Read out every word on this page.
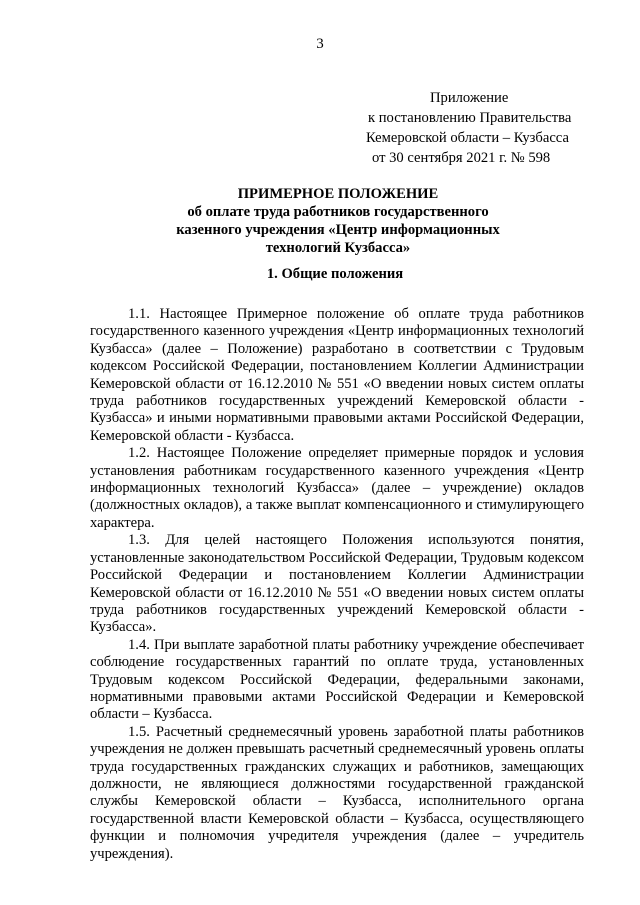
3
Приложение
к постановлению Правительства
Кемеровской области – Кузбасса
от 30 сентября 2021 г. № 598
ПРИМЕРНОЕ ПОЛОЖЕНИЕ
об оплате труда работников государственного
казенного учреждения «Центр информационных
технологий Кузбасса»
1. Общие положения

1.1. Настоящее Примерное положение об оплате труда работников государственного казенного учреждения «Центр информационных технологий Кузбасса» (далее – Положение) разработано в соответствии с Трудовым кодексом Российской Федерации, постановлением Коллегии Администрации Кемеровской области от 16.12.2010 № 551 «О введении новых систем оплаты труда работников государственных учреждений Кемеровской области - Кузбасса» и иными нормативными правовыми актами Российской Федерации, Кемеровской области - Кузбасса.

1.2. Настоящее Положение определяет примерные порядок и условия установления работникам государственного казенного учреждения «Центр информационных технологий Кузбасса» (далее – учреждение) окладов (должностных окладов), а также выплат компенсационного и стимулирующего характера.

1.3. Для целей настоящего Положения используются понятия, установленные законодательством Российской Федерации, Трудовым кодексом Российской Федерации и постановлением Коллегии Администрации Кемеровской области от 16.12.2010 № 551 «О введении новых систем оплаты труда работников государственных учреждений Кемеровской области - Кузбасса».

1.4. При выплате заработной платы работнику учреждение обеспечивает соблюдение государственных гарантий по оплате труда, установленных Трудовым кодексом Российской Федерации, федеральными законами, нормативными правовыми актами Российской Федерации и Кемеровской области – Кузбасса.

1.5. Расчетный среднемесячный уровень заработной платы работников учреждения не должен превышать расчетный среднемесячный уровень оплаты труда государственных гражданских служащих и работников, замещающих должности, не являющиеся должностями государственной гражданской службы Кемеровской области – Кузбасса, исполнительного органа государственной власти Кемеровской области – Кузбасса, осуществляющего функции и полномочия учредителя учреждения (далее – учредитель учреждения).
